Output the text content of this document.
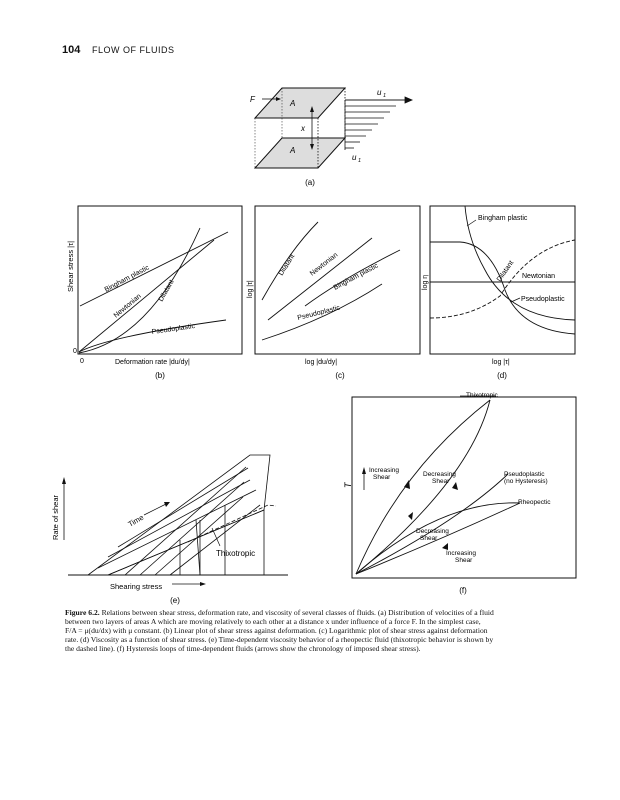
104 FLOW OF FLUIDS
F	A
A
x
u 1
u 1
(a)
Shear stress |τ|
0
0	Deformation rate |du/dy|
Bingham plastic
Newtonian
Dilatant
Pseudoplastic
(b)
log |τ|
log |du/dy|
Dilatant Newtonian
Bingham plastic
Pseudoplastic
(c)
log η
log |τ|
Bingham plastic
Dilatant Newtonian
Pseudoplastic
(d)
Rate of shear
Shearing stress
Time
Thixotropic
(e)
T
Thixotropic
Increasing
Shear	Decreasing
Shear
Pseudoplastic
(no Hysteresis)
Rheopectic
Decreasing
Shear
Increasing
Shear
(f)
Figure 6.2. Relations between shear stress, deformation rate, and viscosity of several classes of fluids. (a) Distribution of velocities of a fluid
between two layers of areas A which are moving relatively to each other at a distance x under influence of a force F. In the simplest case,
F/A = μ(du/dx) with μ constant. (b) Linear plot of shear stress against deformation. (c) Logarithmic plot of shear stress against deformation
rate. (d) Viscosity as a function of shear stress. (e) Time-dependent viscosity behavior of a rheopectic fluid (thixotropic behavior is shown by
the dashed line). (f) Hysteresis loops of time-dependent fluids (arrows show the chronology of imposed shear stress).
